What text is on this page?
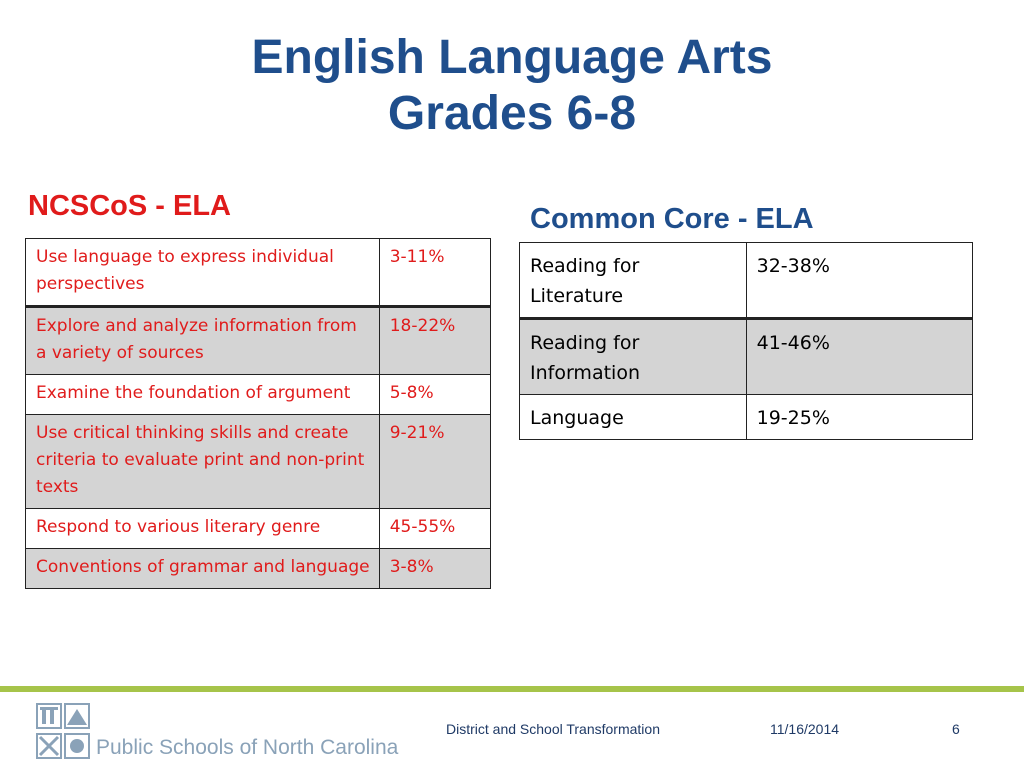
English Language Arts
Grades 6-8
NCSCoS - ELA	Common Core - ELA
Use language to express individual perspectives	3-11%
Explore and analyze information from a variety of sources	18-22%
Examine the foundation of argument	5-8%
Use critical thinking skills and create criteria to evaluate print and non-print texts	9-21%
Respond to various literary genre	45-55%
Conventions of grammar and language	3-8%
Reading for Literature	32-38%
Reading for Information	41-46%
Language	19-25%
Public Schools of North Carolina
District and School Transformation	11/16/2014	6
